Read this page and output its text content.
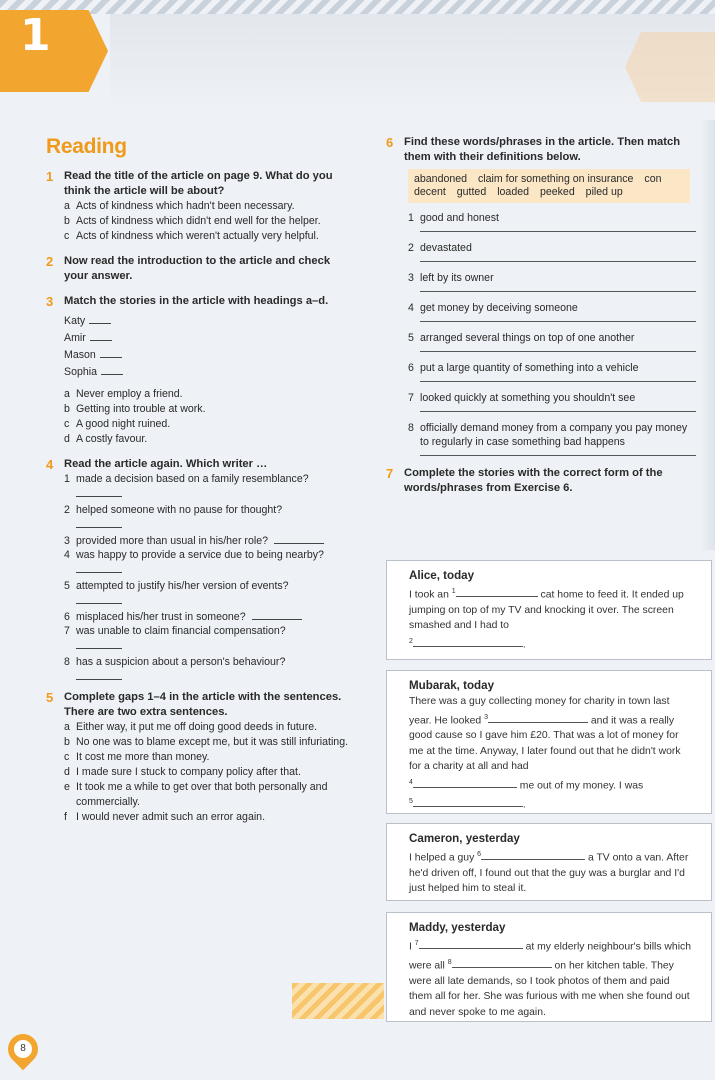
1
Reading
1 Read the title of the article on page 9. What do you think the article will be about?
a Acts of kindness which hadn't been necessary.
b Acts of kindness which didn't end well for the helper.
c Acts of kindness which weren't actually very helpful.
2 Now read the introduction to the article and check your answer.
3 Match the stories in the article with headings a–d.
Katy
Amir
Mason
Sophia
a Never employ a friend.
b Getting into trouble at work.
c A good night ruined.
d A costly favour.
4 Read the article again. Which writer …
1 made a decision based on a family resemblance?
2 helped someone with no pause for thought?
3 provided more than usual in his/her role?
4 was happy to provide a service due to being nearby?
5 attempted to justify his/her version of events?
6 misplaced his/her trust in someone?
7 was unable to claim financial compensation?
8 has a suspicion about a person's behaviour?
5 Complete gaps 1–4 in the article with the sentences. There are two extra sentences.
a Either way, it put me off doing good deeds in future.
b No one was to blame except me, but it was still infuriating.
c It cost me more than money.
d I made sure I stuck to company policy after that.
e It took me a while to get over that both personally and commercially.
f I would never admit such an error again.
6 Find these words/phrases in the article. Then match them with their definitions below.
abandoned claim for something on insurance con decent gutted loaded peeked piled up
1 good and honest
2 devastated
3 left by its owner
4 get money by deceiving someone
5 arranged several things on top of one another
6 put a large quantity of something into a vehicle
7 looked quickly at something you shouldn't see
8 officially demand money from a company you pay money to regularly in case something bad happens
7 Complete the stories with the correct form of the words/phrases from Exercise 6.
Alice, today

I took an $^1$	cat home to feed it. It ended up jumping on top of my TV and knocking it over. The screen smashed and I had to
$^2$	.

Mubarak, today

There was a guy collecting money for charity in town last year. He looked $^3$	and it was a really good cause so I gave him £20. That was a lot of money for me at the time. Anyway, I later found out that he didn't work for a charity at all and had
$^4$	me out of my money. I was
$^5$	.

Cameron, yesterday

I helped a guy $^6$	a TV onto a van. After he'd driven off, I found out that the guy was a burglar and I'd just helped him to steal it.

Maddy, yesterday

I $^7$	at my elderly neighbour's bills which were all $^8$	on her kitchen table. They were all late demands, so I took photos of them and paid them all for her. She was furious with me when she found out and never spoke to me again.

8
